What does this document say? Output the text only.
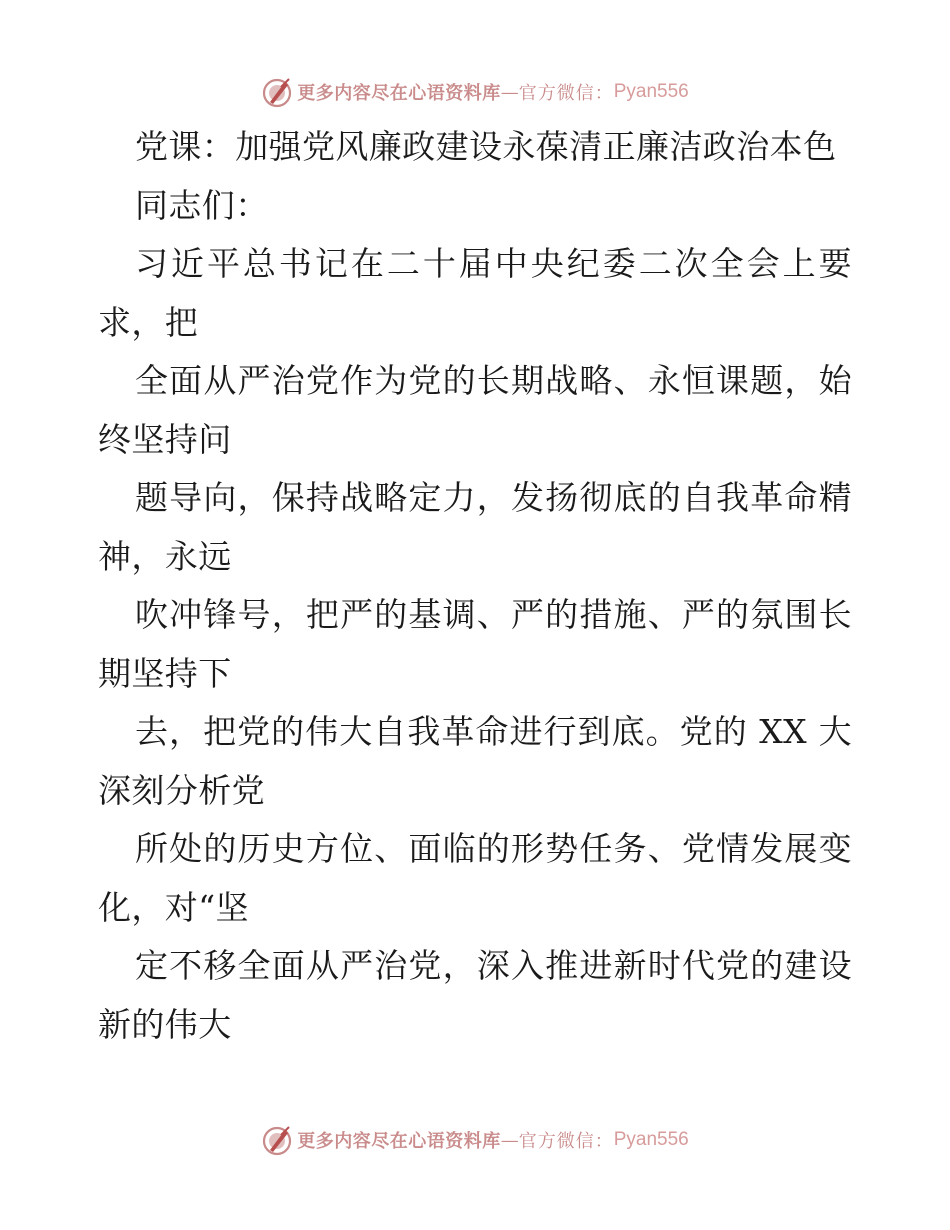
更多内容尽在心语资料库 — 官方微信： Pyan556
党课：加强党风廉政建设永葆清正廉洁政治本色
同志们：
习近平总书记在二十届中央纪委二次全会上要
求，把
全面从严治党作为党的长期战略、永恒课题，始
终坚持问
题导向，保持战略定力，发扬彻底的自我革命精
神，永远
吹冲锋号，把严的基调、严的措施、严的氛围长
期坚持下
去，把党的伟大自我革命进行到底。党的 XX 大
深刻分析党
所处的历史方位、面临的形势任务、党情发展变
化，对“坚
定不移全面从严治党，深入推进新时代党的建设
新的伟大
更多内容尽在心语资料库 — 官方微信： Pyan556
